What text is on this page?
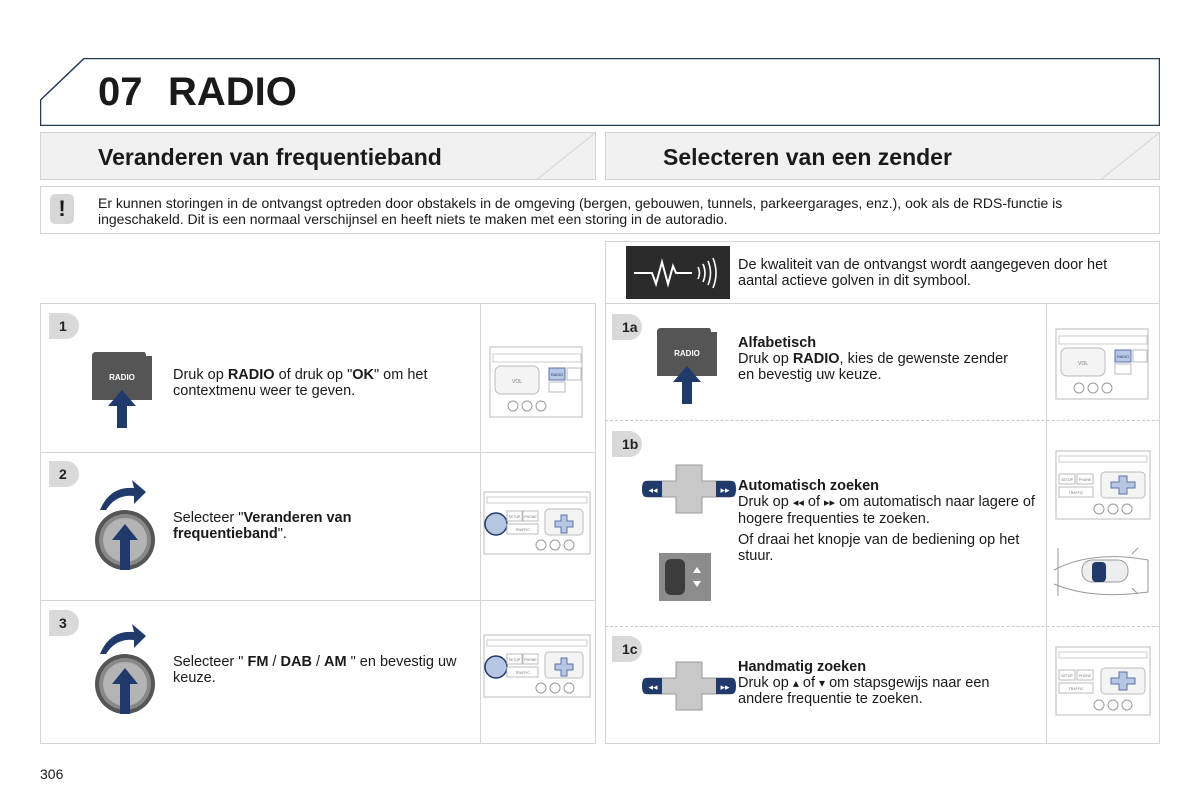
07 RADIO
Veranderen van frequentieband	Selecteren van een zender
!	Er kunnen storingen in de ontvangst optreden door obstakels in de omgeving (bergen, gebouwen, tunnels, parkeergarages, enz.), ook als de RDS-functie is ingeschakeld. Dit is een normaal verschijnsel en heeft niets te maken met een storing in de autoradio.
1
RADIO	Druk op RADIO of druk op "OK" om het contextmenu weer te geven.
VOL
RADIO
2
Selecteer "Veranderen van frequentieband".
SETUP PHONE
TRAFFIC
3
Selecteer " FM / DAB / AM " en bevestig uw keuze.
SETUP PHONE
TRAFFIC
De kwaliteit van de ontvangst wordt aangegeven door het aantal actieve golven in dit symbool.
1a
RADIO
Alfabetisch
Druk op RADIO, kies de gewenste zender en bevestig uw keuze.
VOL
RADIO
1b
◂◂	▸▸ Automatisch zoeken
Druk op ◂◂ of ▸▸ om automatisch naar lagere of hogere frequenties te zoeken.
Of draai het knopje van de bediening op het stuur.
SETUP PHONE
TRAFFIC
1c
◂◂	▸▸
Handmatig zoeken
Druk op ▴ of ▾ om stapsgewijs naar een andere frequentie te zoeken.
SETUP PHONE
TRAFFIC
306
